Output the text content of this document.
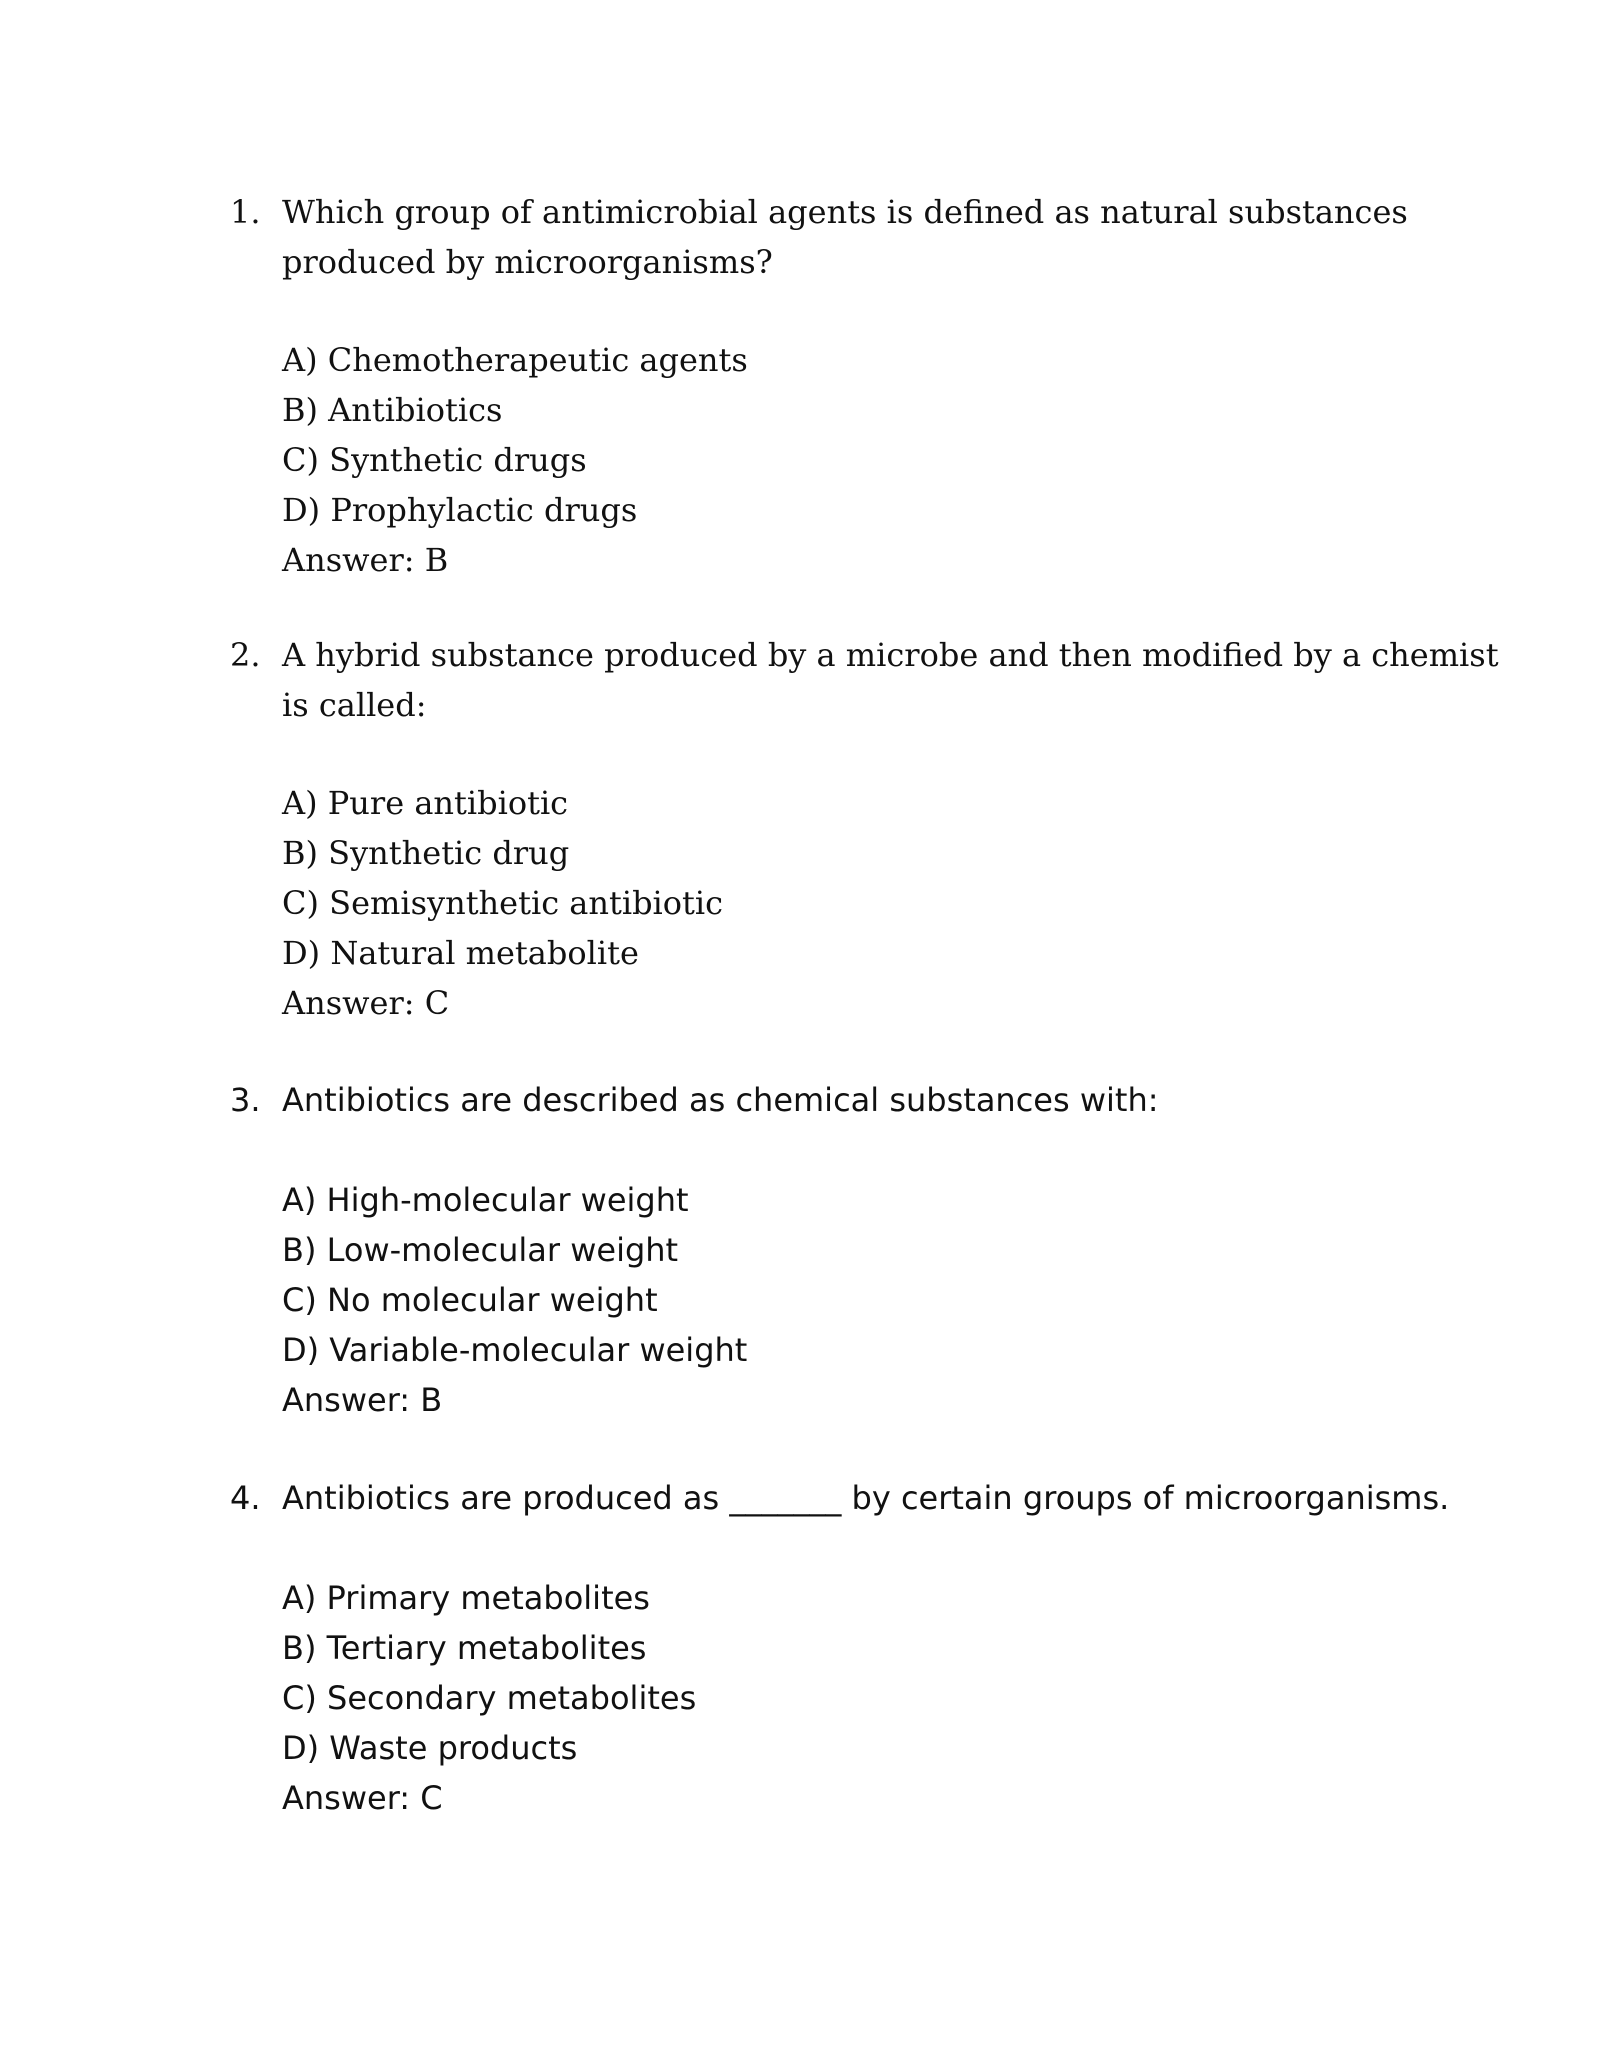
1. Which group of antimicrobial agents is defined as natural substances
produced by microorganisms?
A) Chemotherapeutic agents
B) Antibiotics
C) Synthetic drugs
D) Prophylactic drugs
Answer: B
2. A hybrid substance produced by a microbe and then modified by a chemist
is called:
A) Pure antibiotic
B) Synthetic drug
C) Semisynthetic antibiotic
D) Natural metabolite
Answer: C
3. Antibiotics are described as chemical substances with:
A) High-molecular weight
B) Low-molecular weight
C) No molecular weight
D) Variable-molecular weight
Answer: B
4. Antibiotics are produced as _______ by certain groups of microorganisms.
A) Primary metabolites
B) Tertiary metabolites
C) Secondary metabolites
D) Waste products
Answer: C
